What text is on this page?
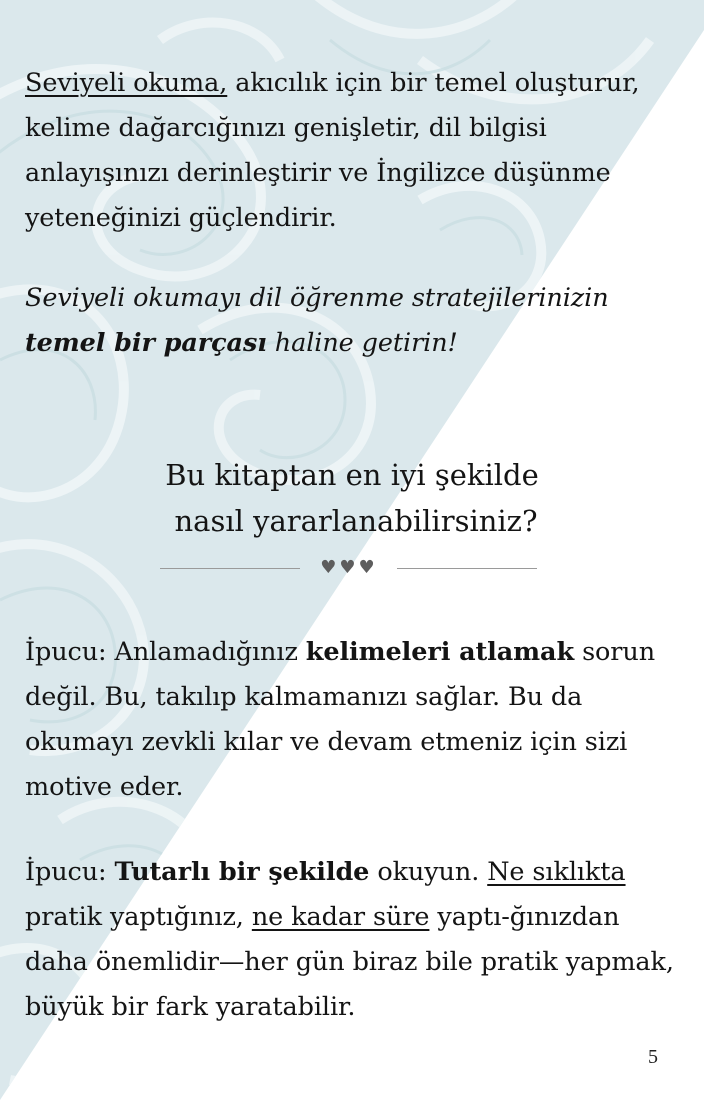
Seviyeli okuma, akıcılık için bir temel oluşturur, kelime dağarcığınızı genişletir, dil bilgisi anlayışınızı derinleştirir ve İngilizce düşünme yeteneğinizi güçlendirir.

Seviyeli okumayı dil öğrenme stratejilerinizin
temel bir parçası haline getirin!

Bu kitaptan en iyi şekilde
nasıl yararlanabilirsiniz?
♥♥♥

İpucu: Anlamadığınız kelimeleri atlamak sorun değil. Bu, takılıp kalmamanızı sağlar. Bu da okumayı zevkli kılar ve devam etmeniz için sizi motive eder.

İpucu: Tutarlı bir şekilde okuyun. Ne sıklıkta pratik yaptığınız, ne kadar süre yaptı-ğınızdan daha önemlidir—her gün biraz bile pratik yapmak, büyük bir fark yaratabilir.

5
